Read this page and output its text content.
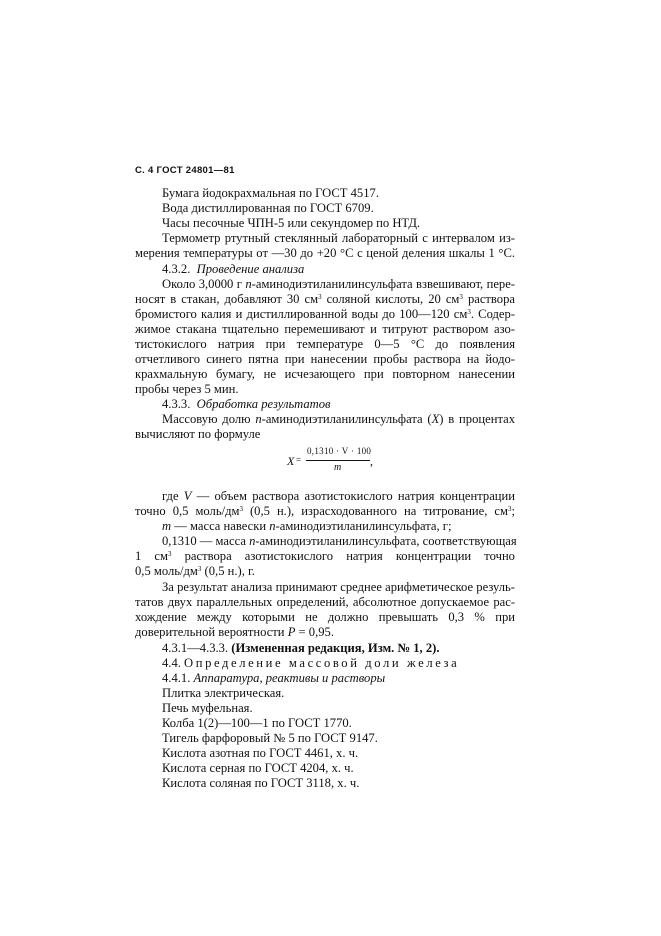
С. 4 ГОСТ 24801—81
Бумага йодокрахмальная по ГОСТ 4517.
Вода дистиллированная по ГОСТ 6709.
Часы песочные ЧПН-5 или секундомер по НТД.
Термометр ртутный стеклянный лабораторный с интервалом из-
мерения температуры от —30 до +20 °С с ценой деления шкалы 1 °С.
4.3.2. Проведение анализа
Около 3,0000 г n-аминодиэтиланилинсульфата взвешивают, пере-
носят в стакан, добавляют 30 $см^3$ соляной кислоты, 20 $см^3$ раствора
бромистого калия и дистиллированной воды до 100—120 $см^3$. Содер-
жимое стакана тщательно перемешивают и титруют раствором азо-
тистокислого натрия при температуре 0—5 °С до появления
отчетливого синего пятна при нанесении пробы раствора на йодо-
крахмальную бумагу, не исчезающего при повторном нанесении
пробы через 5 мин.
4.3.3. Обработка результатов
Массовую долю n-аминодиэтиланилинсульфата (X) в процентах
вычисляют по формуле
X =
0,1310 · V · 100
m ,
где V — объем раствора азотистокислого натрия концентрации
точно 0,5 моль/$дм^3$ (0,5 н.), израсходованного на титрование, $см^3$;
m — масса навески n-аминодиэтиланилинсульфата, г;
0,1310 — масса n-аминодиэтиланилинсульфата, соответствующая
1 $см^3$ раствора азотистокислого натрия концентрации точно
0,5 моль/$дм^3$ (0,5 н.), г.
За результат анализа принимают среднее арифметическое резуль-
татов двух параллельных определений, абсолютное допускаемое рас-
хождение между которыми не должно превышать 0,3 % при
доверительной вероятности P = 0,95.
4.3.1—4.3.3. (Измененная редакция, Изм. № 1, 2).
4.4. Определение массовой доли железа
4.4.1. Аппаратура, реактивы и растворы
Плитка электрическая.
Печь муфельная.
Колба 1(2)—100—1 по ГОСТ 1770.
Тигель фарфоровый № 5 по ГОСТ 9147.
Кислота азотная по ГОСТ 4461, х. ч.
Кислота серная по ГОСТ 4204, х. ч.
Кислота соляная по ГОСТ 3118, х. ч.
